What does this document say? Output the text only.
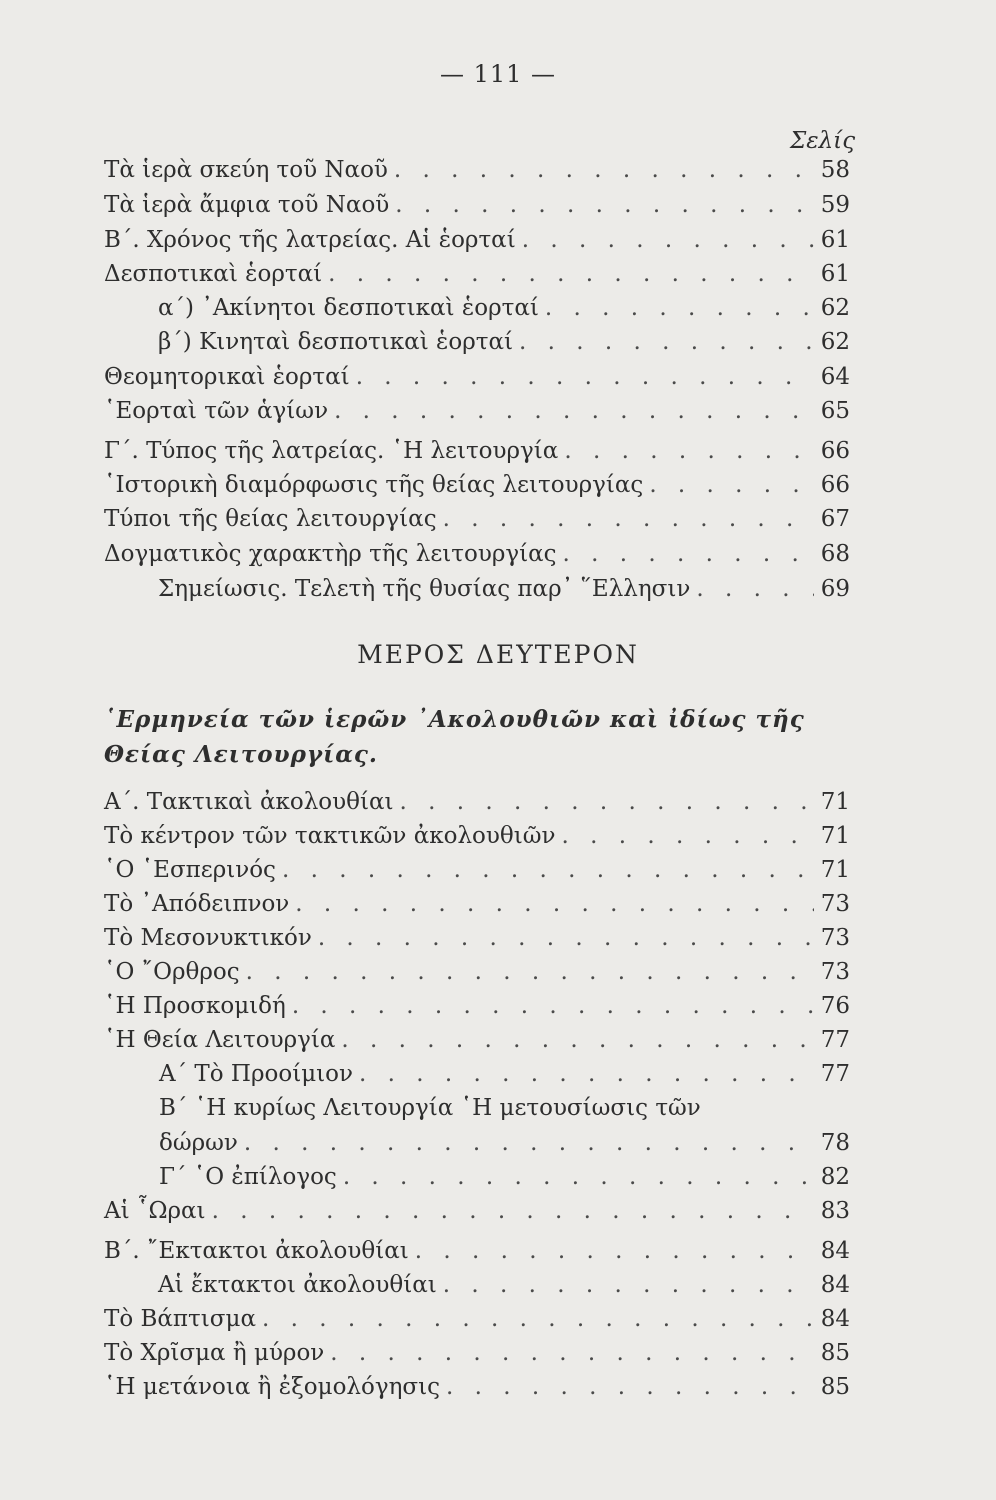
— 111 —
Σελίς
Τὰ ἱερὰ σκεύη τοῦ Ναοῦ . . .	58
Τὰ ἱερὰ ἄμφια τοῦ Ναοῦ . . .	59
Β΄. Χρόνος τῆς λατρείας. Αἱ ἑορταί . . .	61
Δεσποτικαὶ ἑορταί . . .	61
α΄) ᾿Ακίνητοι δεσποτικαὶ ἑορταί . . .	62
β΄) Κινηταὶ δεσποτικαὶ ἑορταί . . .	62
Θεομητορικαὶ ἑορταί . . .	64
῾Εορταὶ τῶν ἁγίων . . .	65
Γ΄. Τύπος τῆς λατρείας. ῾Η λειτουργία . . .	66
῾Ιστορικὴ διαμόρφωσις τῆς θείας λειτουργίας . . .	66
Τύποι τῆς θείας λειτουργίας . . .	67
Δογματικὸς χαρακτὴρ τῆς λειτουργίας . . .	68
Σημείωσις. Τελετὴ τῆς θυσίας παρ᾿ ῞Ελλησιν . . .	69
ΜΕΡΟΣ ΔΕΥΤΕΡΟΝ
῾Ερμηνεία τῶν ἱερῶν ᾿Ακολουθιῶν καὶ ἰδίως τῆς
Θείας Λειτουργίας.
Α΄. Τακτικαὶ ἀκολουθίαι . . .	71
Τὸ κέντρον τῶν τακτικῶν ἀκολουθιῶν . . .	71
῾Ο ῾Εσπερινός . . .	71
Τὸ ᾿Απόδειπνον . . .	73
Τὸ Μεσονυκτικόν . . .	73
῾Ο ῎Ορθρος . . .	73
῾Η Προσκομιδή . . .	76
῾Η Θεία Λειτουργία . . .	77
Α΄ Τὸ Προοίμιον . . .	77
Β΄ ῾Η κυρίως Λειτουργία ῾Η μετουσίωσις τῶν
δώρων . . .	78
Γ΄ ῾Ο ἐπίλογος . . .	82
Αἱ ῟Ωραι . . .	83
Β΄. ῎Εκτακτοι ἀκολουθίαι . . .	84
Αἱ ἔκτακτοι ἀκολουθίαι . . .	84
Τὸ Βάπτισμα . . .	84
Τὸ Χρῖσμα ἢ μύρον . . .	85
῾Η μετάνοια ἢ ἐξομολόγησις . . .	85
